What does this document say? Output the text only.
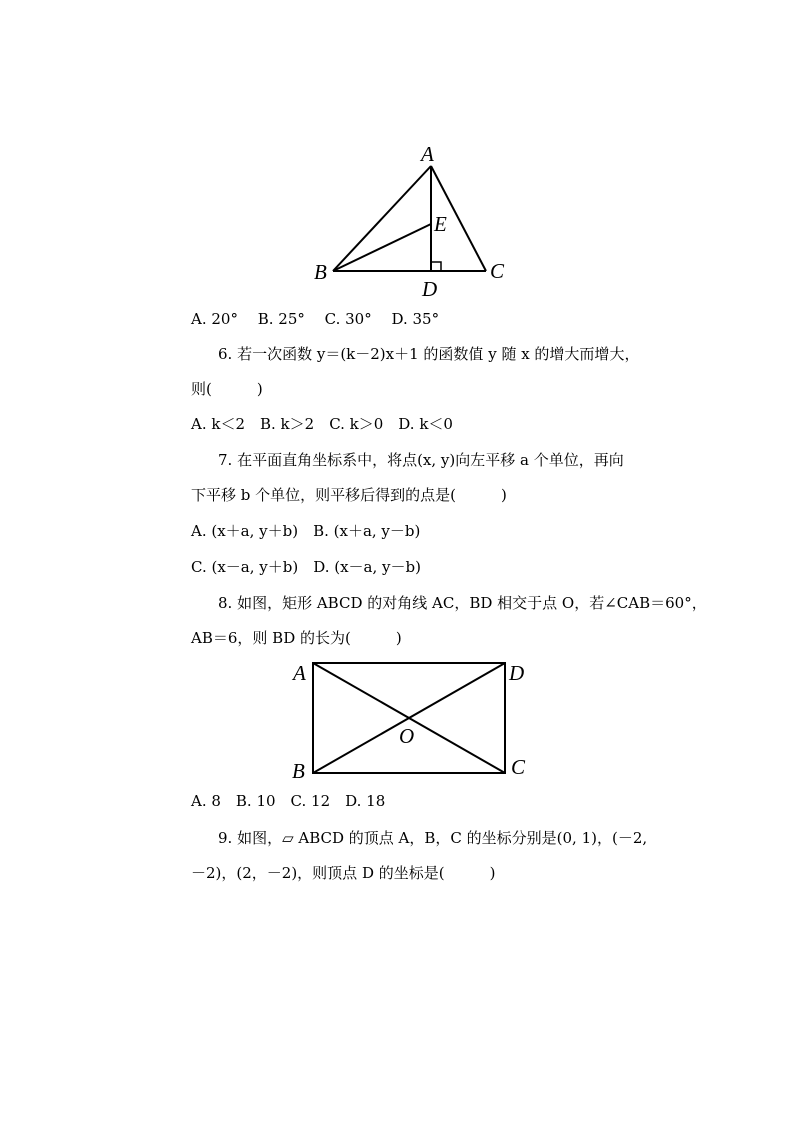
A
E
B	C
D
A. 20°　 B. 25°　 C. 30°　 D. 35°
6. 若一次函数 y＝(k－2)x＋1 的函数值 y 随 x 的增大而增大，
则(　　　)
A. k＜2　B. k＞2　C. k＞0　D. k＜0
7. 在平面直角坐标系中，将点(x, y)向左平移 a 个单位，再向
下平移 b 个单位，则平移后得到的点是(　　　)
A. (x＋a, y＋b)　B. (x＋a, y－b)
C. (x－a, y＋b)　D. (x－a, y－b)
8. 如图，矩形 ABCD 的对角线 AC，BD 相交于点 O，若∠CAB＝60°，
AB＝6，则 BD 的长为(　　　)
A	D
O
B	C
A. 8　B. 10　C. 12　D. 18
9. 如图，▱ ABCD 的顶点 A，B，C 的坐标分别是(0, 1)，(－2,
－2)，(2，－2)，则顶点 D 的坐标是(　　　)
